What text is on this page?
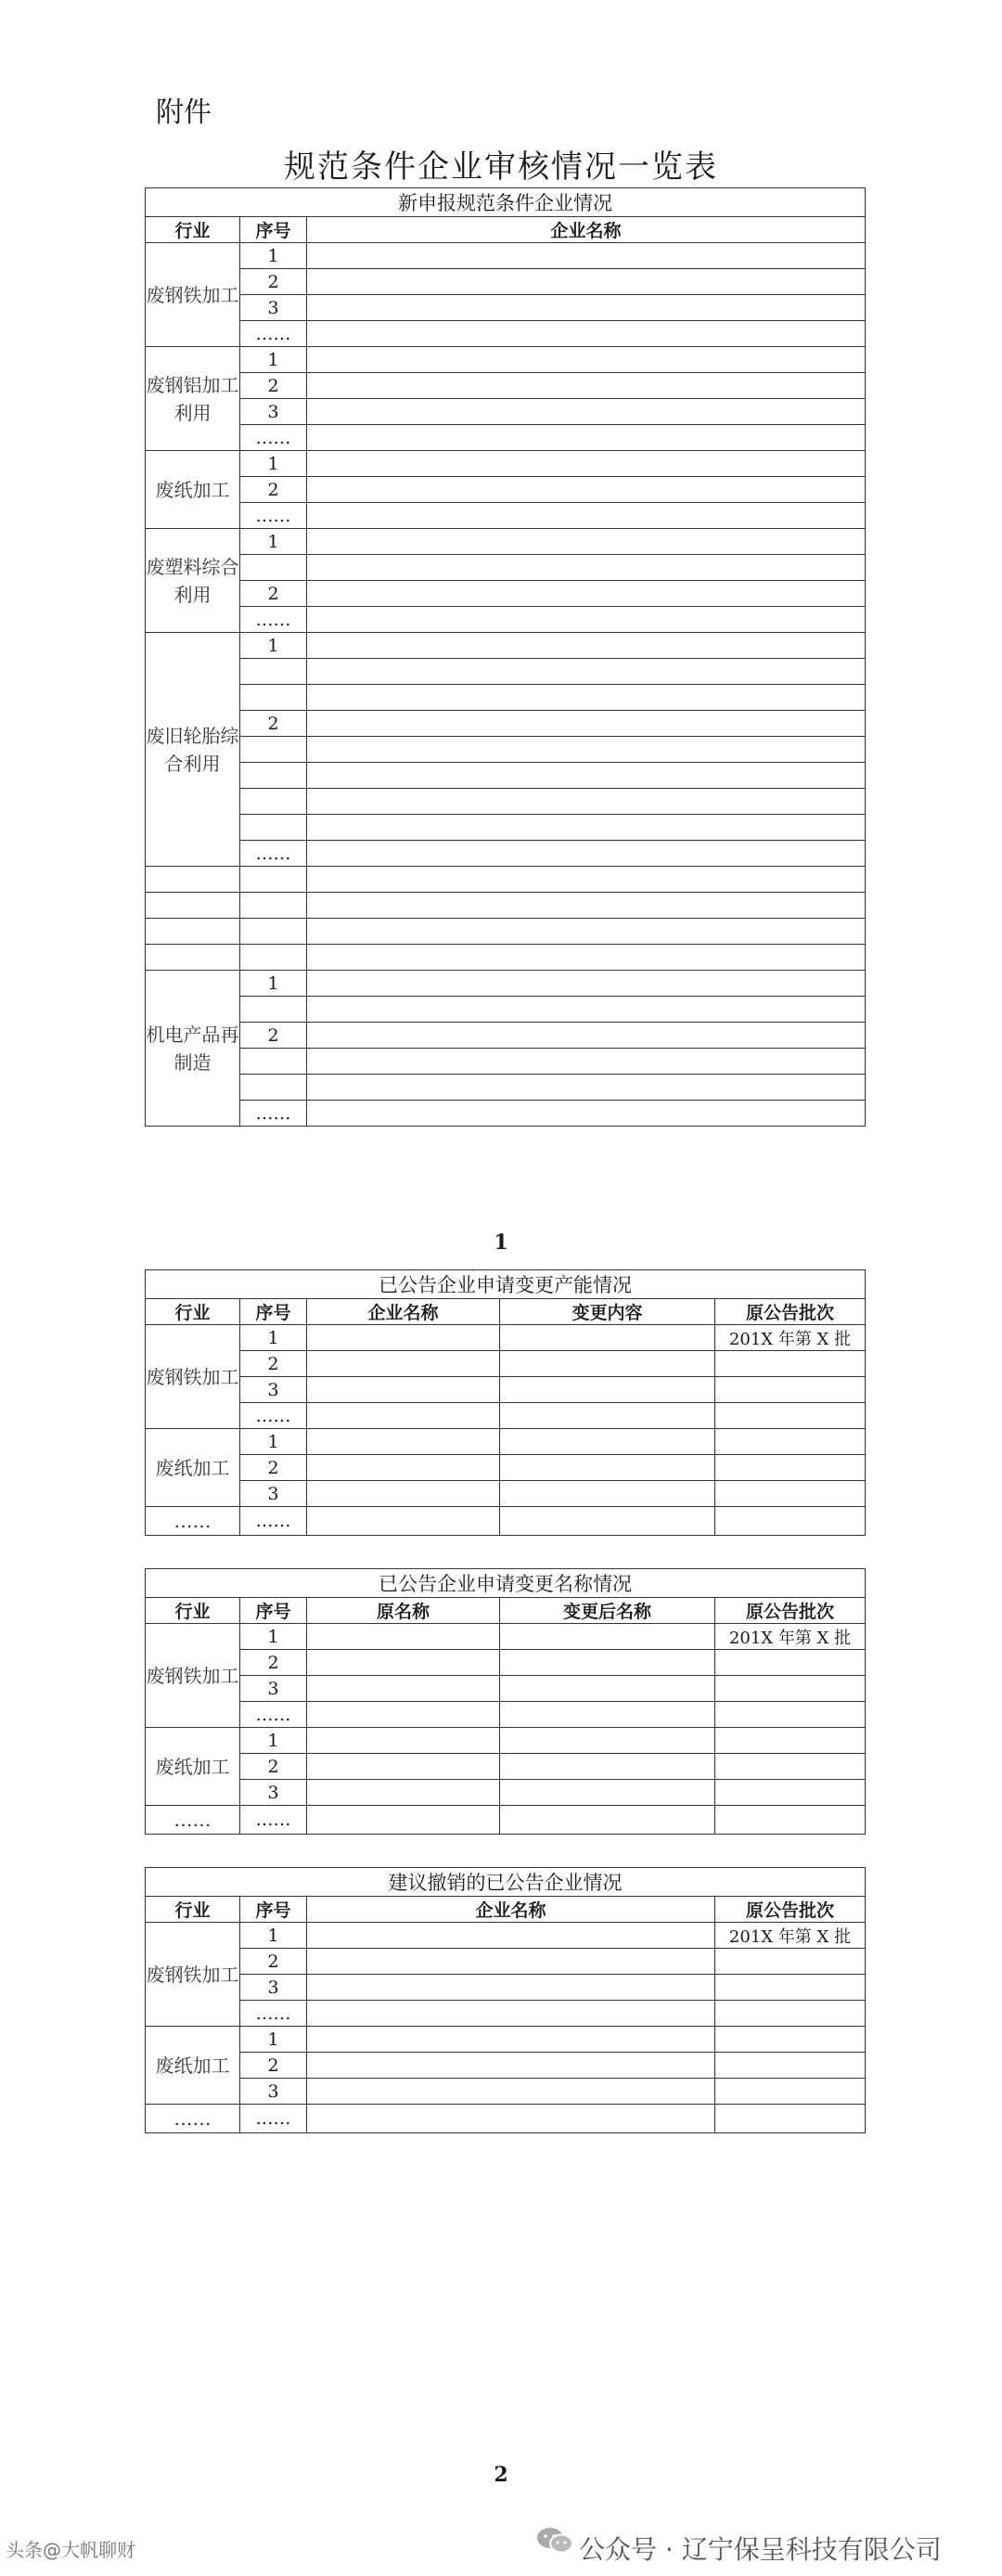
附件
规范条件企业审核情况一览表
新申报规范条件企业情况		
行业	序号	企业名称
废钢铁加工	1	
	2	
	3	
	……	
废钢铝加工利用	1	
	2	
	3	
	……	
废纸加工	1	
	2	
	……	
废塑料综合利用	1	

	2	
	……	
废旧轮胎综合利用	1	

	2	

	……	

机电产品再制造	1	

	2	

	……	
1
已公告企业申请变更产能情况				
行业	序号	企业名称	变更内容	原公告批次
废钢铁加工	1			201X 年第 X 批
	2			
	3			
	……			
废纸加工	1			
	2			
	3			
……	……			
已公告企业申请变更名称情况				
行业	序号	原名称	变更后名称	原公告批次
废钢铁加工	1			201X 年第 X 批
	2			
	3			
	……			
废纸加工	1			
	2			
	3			
……	……			
建议撤销的已公告企业情况			
行业	序号	企业名称	原公告批次
废钢铁加工	1		201X 年第 X 批
	2		
	3		
	……		
废纸加工	1		
	2		
	3		
……	……		
2
头条@大帆聊财	公众号 · 辽宁保呈科技有限公司
